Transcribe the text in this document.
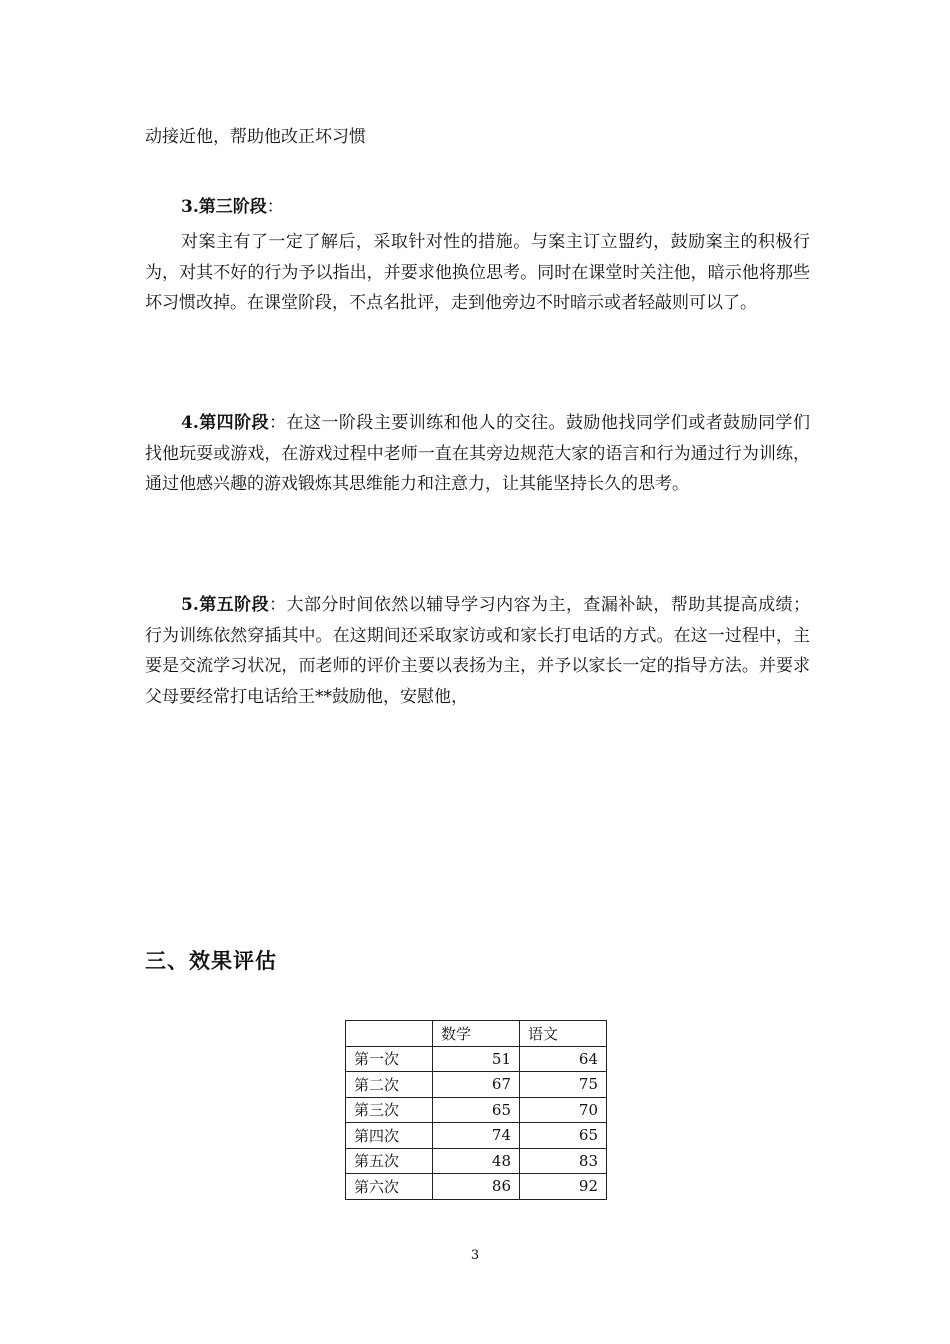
动接近他，帮助他改正坏习惯

3.第三阶段：

对案主有了一定了解后，采取针对性的措施。与案主订立盟约，鼓励案主的积极行为，对其不好的行为予以指出，并要求他换位思考。同时在课堂时关注他，暗示他将那些坏习惯改掉。在课堂阶段，不点名批评，走到他旁边不时暗示或者轻敲则可以了。

4.第四阶段：在这一阶段主要训练和他人的交往。鼓励他找同学们或者鼓励同学们找他玩耍或游戏，在游戏过程中老师一直在其旁边规范大家的语言和行为通过行为训练，通过他感兴趣的游戏锻炼其思维能力和注意力，让其能坚持长久的思考。

5.第五阶段：大部分时间依然以辅导学习内容为主，查漏补缺，帮助其提高成绩；行为训练依然穿插其中。在这期间还采取家访或和家长打电话的方式。在这一过程中，主要是交流学习状况，而老师的评价主要以表扬为主，并予以家长一定的指导方法。并要求父母要经常打电话给王**鼓励他，安慰他，

三、效果评估
	数学	语文
第一次	51	64
第二次	67	75
第三次	65	70
第四次	74	65
第五次	48	83
第六次	86	92
3
